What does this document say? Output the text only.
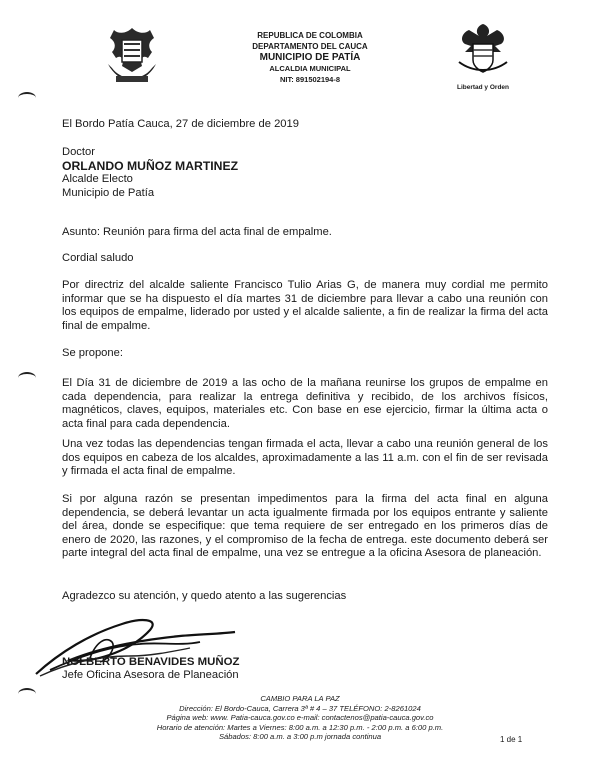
REPUBLICA DE COLOMBIA
DEPARTAMENTO DEL CAUCA
MUNICIPIO DE PATÍA
ALCALDIA MUNICIPAL
NIT: 891502194-8
Libertad y Orden
El Bordo Patía Cauca, 27 de diciembre de 2019
Doctor
ORLANDO MUÑOZ MARTINEZ
Alcalde Electo
Municipio de Patía
Asunto: Reunión para firma del acta final de empalme.
Cordial saludo
Por directriz del alcalde saliente Francisco Tulio Arias G, de manera muy cordial me permito informar que se ha dispuesto el día martes 31 de diciembre para llevar a cabo una reunión con los equipos de empalme, liderado por usted y el alcalde saliente, a fin de realizar la firma del acta final de empalme.
Se propone:
El Día 31 de diciembre de 2019 a las ocho de la mañana reunirse los grupos de empalme en cada dependencia, para realizar la entrega definitiva y recibido, de los archivos físicos, magnéticos, claves, equipos, materiales etc. Con base en ese ejercicio, firmar la última acta o acta final para cada dependencia.
Una vez todas las dependencias tengan firmada el acta, llevar a cabo una reunión general de los dos equipos en cabeza de los alcaldes, aproximadamente a las 11 a.m. con el fin de ser revisada y firmada el acta final de empalme.
Si por alguna razón se presentan impedimentos para la firma del acta final en alguna dependencia, se deberá levantar un acta igualmente firmada por los equipos entrante y saliente del área, donde se especifique: que tema requiere de ser entregado en los primeros días de enero de 2020, las razones, y el compromiso de la fecha de entrega. este documento deberá ser parte integral del acta final de empalme, una vez se entregue a la oficina Asesora de planeación.
Agradezco su atención, y quedo atento a las sugerencias
NOLBERTO BENAVIDES MUÑOZ
Jefe Oficina Asesora de Planeación
CAMBIO PARA LA PAZ
Dirección: El Bordo-Cauca, Carrera 3ª # 4 – 37 TELÉFONO: 2-8261024
Página web: www. Patia-cauca.gov.co e-mail: contactenos@patia-cauca.gov.co
Horario de atención: Martes a Viernes: 8:00 a.m. a 12:30 p.m. - 2:00 p.m. a 6:00 p.m.
Sábados: 8:00 a.m. a 3:00 p.m jornada continua	1 de 1
